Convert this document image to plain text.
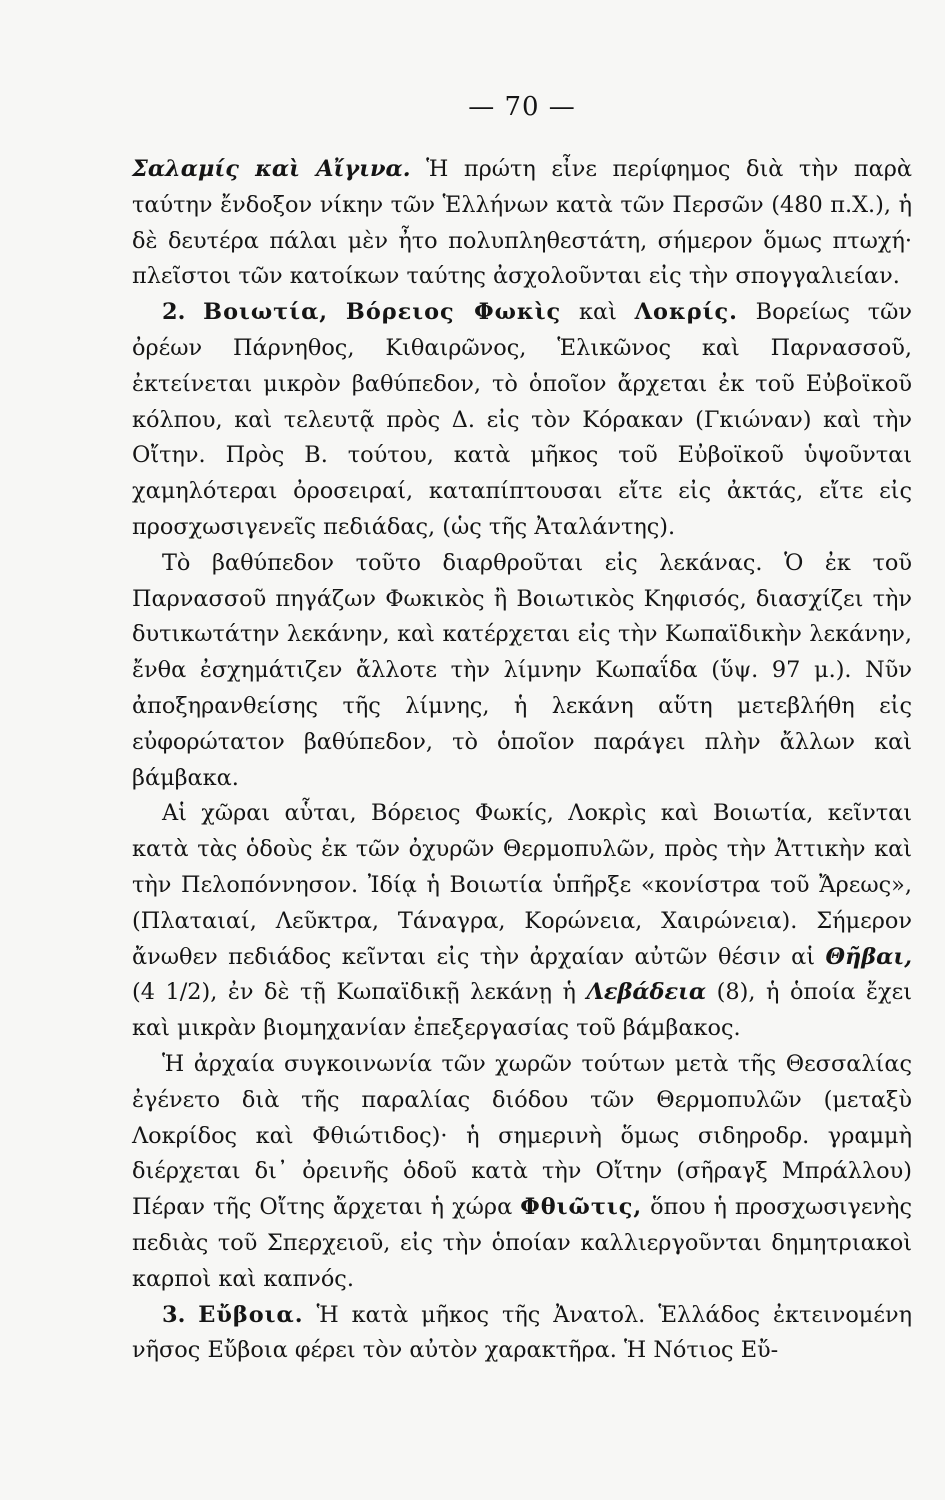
— 70 —

Σαλαμίς καὶ Αἴγινα. Ἡ πρώτη εἶνε περίφημος διὰ τὴν παρὰ ταύτην ἔνδοξον νίκην τῶν Ἑλλήνων κατὰ τῶν Περσῶν (480 π.Χ.), ἡ δὲ δευτέρα πάλαι μὲν ἦτο πολυπληθεστάτη, σήμερον ὅμως πτωχή· πλεῖστοι τῶν κατοίκων ταύτης ἀσχολοῦνται εἰς τὴν σπογγαλιείαν.

2. Βοιωτία, Βόρειος Φωκὶς καὶ Λοκρίς. Βορείως τῶν ὀρέων Πάρνηθος, Κιθαιρῶνος, Ἑλικῶνος καὶ Παρνασσοῦ, ἐκτείνεται μικρὸν βαθύπεδον, τὸ ὁποῖον ἄρχεται ἐκ τοῦ Εὐβοϊκοῦ κόλπου, καὶ τελευτᾷ πρὸς Δ. εἰς τὸν Κόρακαν (Γκιώναν) καὶ τὴν Οἴτην. Πρὸς Β. τούτου, κατὰ μῆκος τοῦ Εὐβοϊκοῦ ὑψοῦνται χαμηλότεραι ὀροσειραί, καταπίπτουσαι εἴτε εἰς ἀκτάς, εἴτε εἰς προσχωσιγενεῖς πεδιάδας, (ὡς τῆς Ἀταλάντης).

Τὸ βαθύπεδον τοῦτο διαρθροῦται εἰς λεκάνας. Ὁ ἐκ τοῦ Παρνασσοῦ πηγάζων Φωκικὸς ἢ Βοιωτικὸς Κηφισός, διασχίζει τὴν δυτικωτάτην λεκάνην, καὶ κατέρχεται εἰς τὴν Κωπαϊδικὴν λεκάνην, ἔνθα ἐσχημάτιζεν ἄλλοτε τὴν λίμνην Κωπαΐδα (ὕψ. 97 μ.). Νῦν ἀποξηρανθείσης τῆς λίμνης, ἡ λεκάνη αὕτη μετεβλήθη εἰς εὐφορώτατον βαθύπεδον, τὸ ὁποῖον παράγει πλὴν ἄλλων καὶ βάμβακα.

Αἱ χῶραι αὗται, Βόρειος Φωκίς, Λοκρὶς καὶ Βοιωτία, κεῖνται κατὰ τὰς ὁδοὺς ἐκ τῶν ὀχυρῶν Θερμοπυλῶν, πρὸς τὴν Ἀττικὴν καὶ τὴν Πελοπόννησον. Ἰδίᾳ ἡ Βοιωτία ὑπῆρξε «κονίστρα τοῦ Ἄρεως», (Πλαταιαί, Λεῦκτρα, Τάναγρα, Κορώνεια, Χαιρώνεια). Σήμερον ἄνωθεν πεδιάδος κεῖνται εἰς τὴν ἀρχαίαν αὐτῶν θέσιν αἱ Θῆβαι, (4 1/2), ἐν δὲ τῇ Κωπαϊδικῇ λεκάνῃ ἡ Λεβάδεια (8), ἡ ὁποία ἔχει καὶ μικρὰν βιομηχανίαν ἐπεξεργασίας τοῦ βάμβακος.

Ἡ ἀρχαία συγκοινωνία τῶν χωρῶν τούτων μετὰ τῆς Θεσσαλίας ἐγένετο διὰ τῆς παραλίας διόδου τῶν Θερμοπυλῶν (μεταξὺ Λοκρίδος καὶ Φθιώτιδος)· ἡ σημερινὴ ὅμως σιδηροδρ. γραμμὴ διέρχεται δι᾽ ὀρεινῆς ὁδοῦ κατὰ τὴν Οἴτην (σῆραγξ Μπράλλου) Πέραν τῆς Οἴτης ἄρχεται ἡ χώρα Φθιῶτις, ὅπου ἡ προσχωσιγενὴς πεδιὰς τοῦ Σπερχειοῦ, εἰς τὴν ὁποίαν καλλιεργοῦνται δημητριακοὶ καρποὶ καὶ καπνός.

3. Εὔβοια. Ἡ κατὰ μῆκος τῆς Ἀνατολ. Ἑλλάδος ἐκτεινομένη νῆσος Εὔβοια φέρει τὸν αὐτὸν χαρακτῆρα. Ἡ Νότιος Εὔ-
